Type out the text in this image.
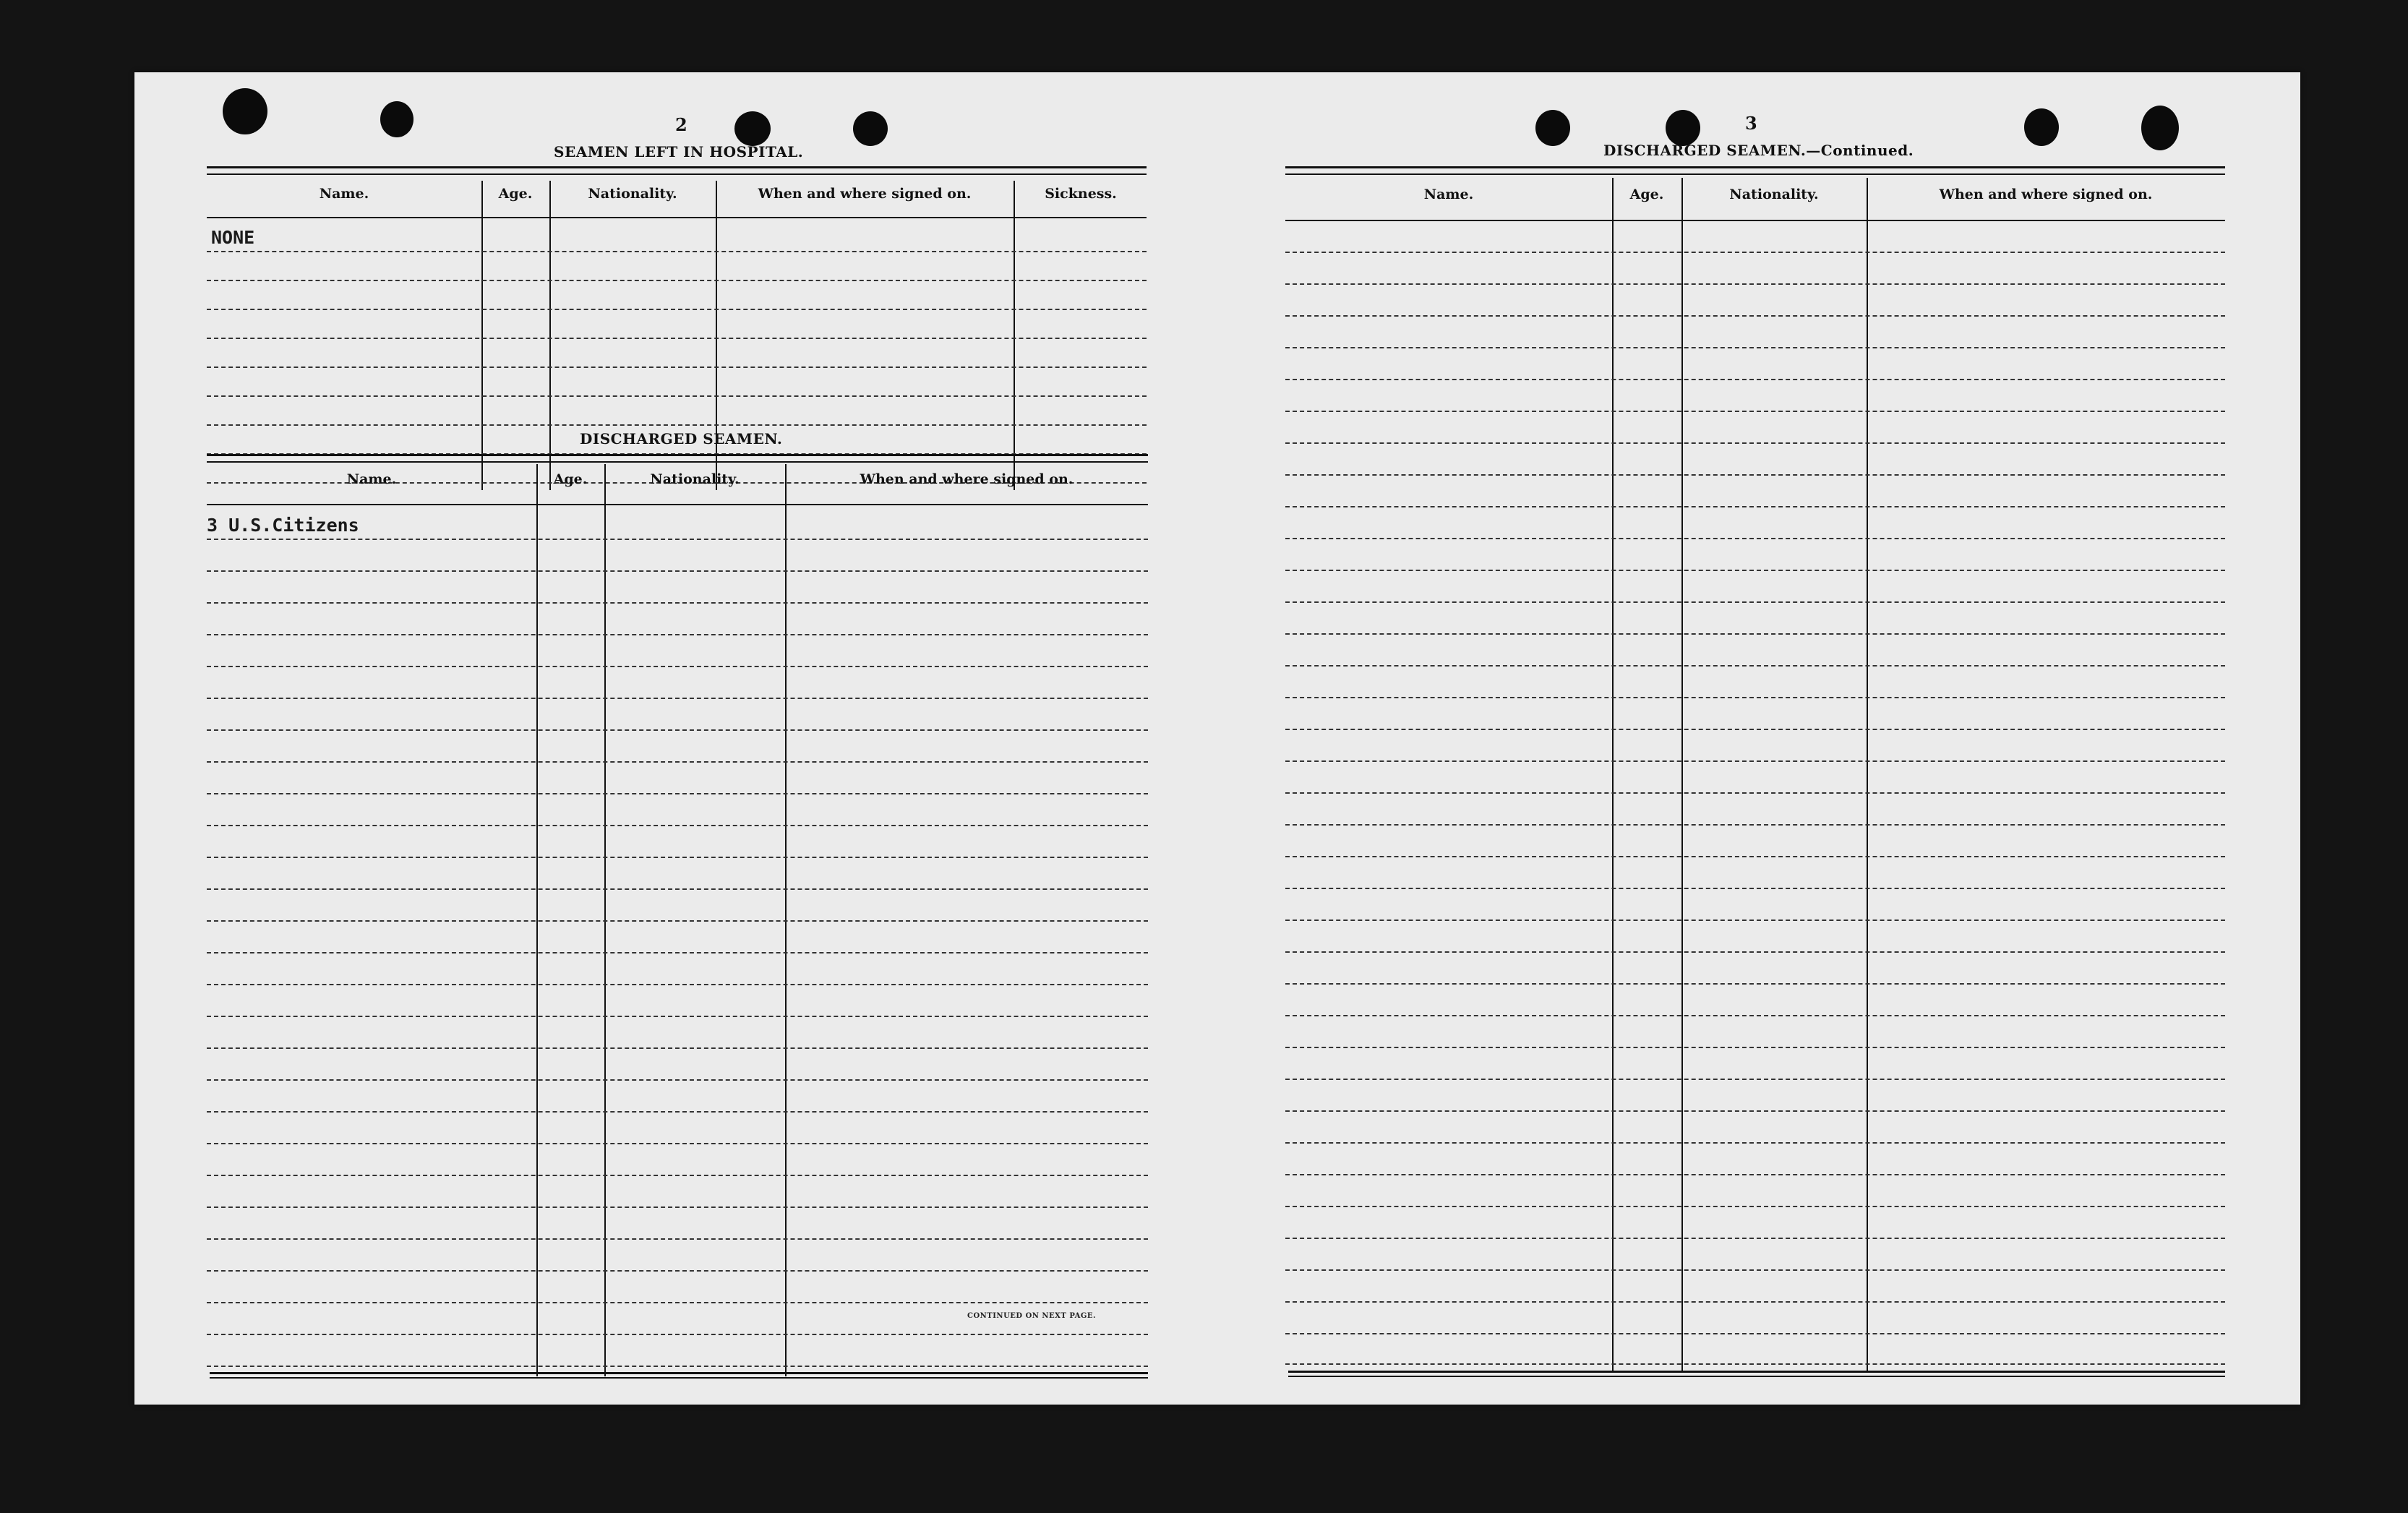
2
SEAMEN LEFT IN HOSPITAL.
Name.	Age.	Nationality.	When and where signed on.	Sickness.
NONE
DISCHARGED SEAMEN.
Name.	Age.	Nationality.	When and where signed on.
3 U.S.Citizens
CONTINUED ON NEXT PAGE.
3
DISCHARGED SEAMEN.—Continued.
Name.	Age.	Nationality.	When and where signed on.
